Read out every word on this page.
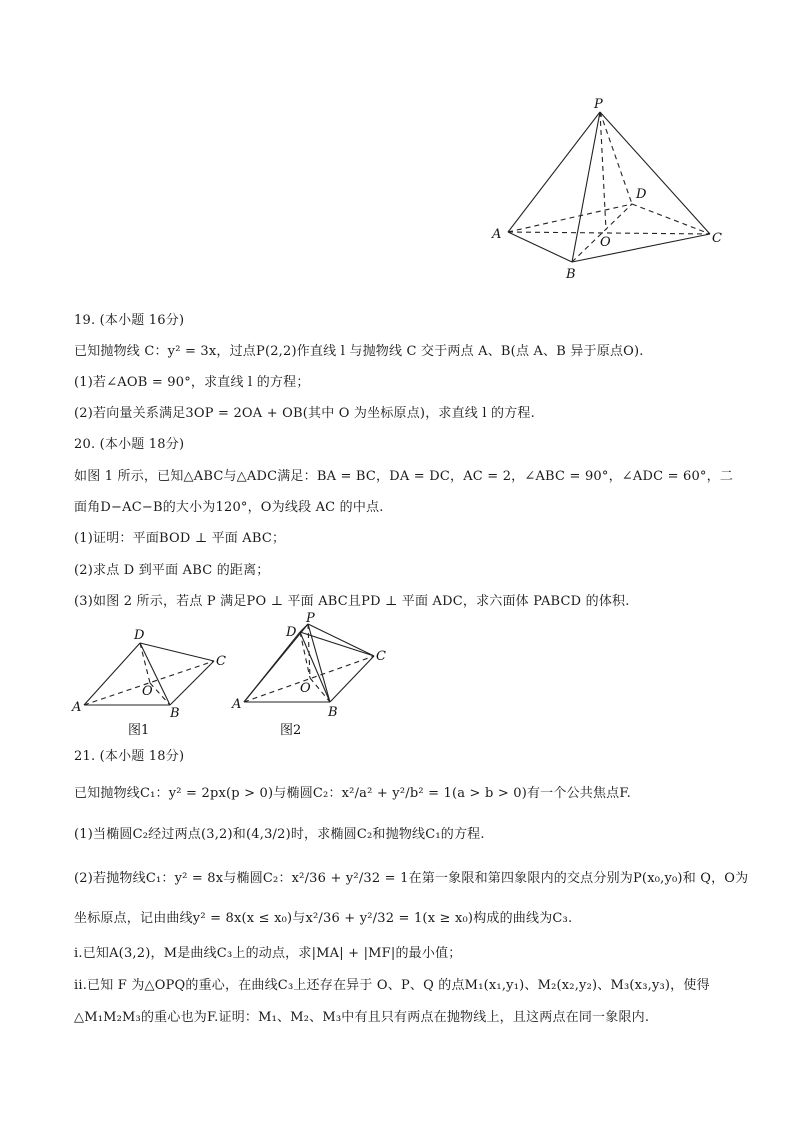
P
A
B
C
D
O
19. (本小题 16分)
已知抛物线 C：y² = 3x，过点P(2,2)作直线 l 与抛物线 C 交于两点 A、B(点 A、B 异于原点O).
(1)若∠AOB = 90°，求直线 l 的方程；
(2)若向量关系满足3OP = 2OA + OB(其中 O 为坐标原点)，求直线 l 的方程.
20. (本小题 18分)
如图 1 所示，已知△ABC与△ADC满足：BA = BC，DA = DC，AC = 2，∠ABC = 90°，∠ADC = 60°，二
面角D−AC−B的大小为120°，O为线段 AC 的中点.
(1)证明：平面BOD ⊥ 平面 ABC；
(2)求点 D 到平面 ABC 的距离；
(3)如图 2 所示，若点 P 满足PO ⊥ 平面 ABC且PD ⊥ 平面 ADC，求六面体 PABCD 的体积.
D
C
O
A	B
图1
D
P
C
O
A
B
图2
21. (本小题 18分)
已知抛物线C₁：y² = 2px(p > 0)与椭圆C₂：x²/a² + y²/b² = 1(a > b > 0)有一个公共焦点F.
(1)当椭圆C₂经过两点(3,2)和(4,3/2)时，求椭圆C₂和抛物线C₁的方程.
(2)若抛物线C₁：y² = 8x与椭圆C₂：x²/36 + y²/32 = 1在第一象限和第四象限内的交点分别为P(x₀,y₀)和 Q，O为
坐标原点，记由曲线y² = 8x(x ≤ x₀)与x²/36 + y²/32 = 1(x ≥ x₀)构成的曲线为C₃.
i.已知A(3,2)，M是曲线C₃上的动点，求|MA| + |MF|的最小值；
ii.已知 F 为△OPQ的重心，在曲线C₃上还存在异于 O、P、Q 的点M₁(x₁,y₁)、M₂(x₂,y₂)、M₃(x₃,y₃)，使得
△M₁M₂M₃的重心也为F.证明：M₁、M₂、M₃中有且只有两点在抛物线上，且这两点在同一象限内.
